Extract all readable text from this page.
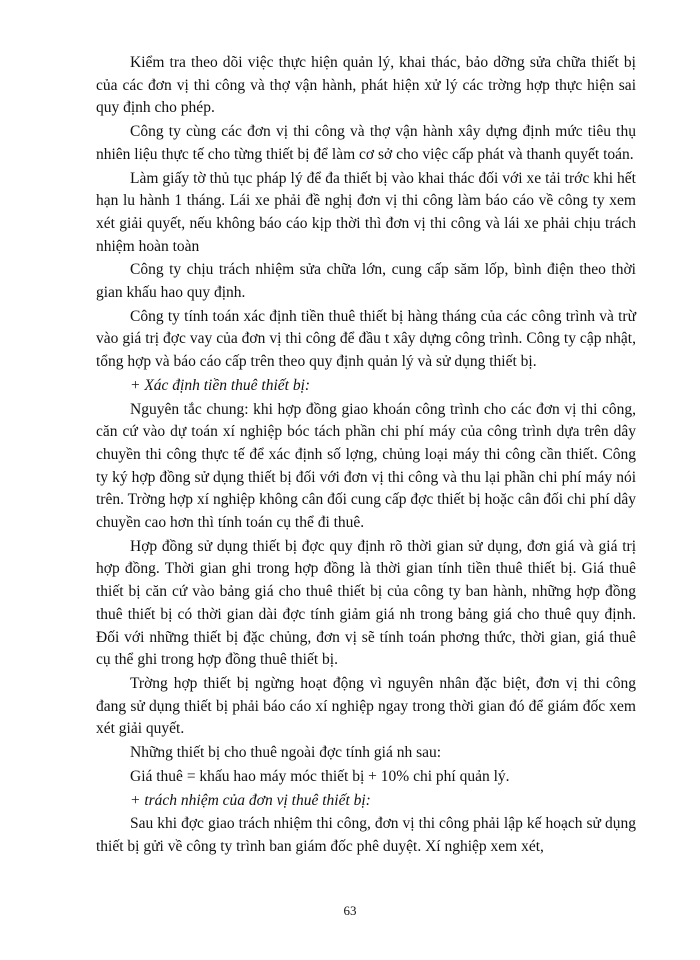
Kiểm tra theo dõi việc thực hiện quản lý, khai thác, bảo dỡng sửa chữa thiết bị của các đơn vị thi công và thợ vận hành, phát hiện xử lý các trờng hợp thực hiện sai quy định cho phép.

Công ty cùng các đơn vị thi công và thợ vận hành xây dựng định mức tiêu thụ nhiên liệu thực tế cho từng thiết bị để làm cơ sở cho việc cấp phát và thanh quyết toán.

Làm giấy tờ thủ tục pháp lý để đa thiết bị vào khai thác đối với xe tải trớc khi hết hạn lu hành 1 tháng. Lái xe phải đề nghị đơn vị thi công làm báo cáo về công ty xem xét giải quyết, nếu không báo cáo kịp thời thì đơn vị thi công và lái xe phải chịu trách nhiệm hoàn toàn

Công ty chịu trách nhiệm sửa chữa lớn, cung cấp săm lốp, bình điện theo thời gian khấu hao quy định.

Công ty tính toán xác định tiền thuê thiết bị hàng tháng của các công trình và trừ vào giá trị đợc vay của đơn vị thi công để đầu t xây dựng công trình. Công ty cập nhật, tổng hợp và báo cáo cấp trên theo quy định quản lý và sử dụng thiết bị.

+ Xác định tiền thuê thiết bị:

Nguyên tắc chung: khi hợp đồng giao khoán công trình cho các đơn vị thi công, căn cứ vào dự toán xí nghiệp bóc tách phần chi phí máy của công trình dựa trên dây chuyền thi công thực tế để xác định số lợng, chủng loại máy thi công cần thiết. Công ty ký hợp đồng sử dụng thiết bị đối với đơn vị thi công và thu lại phần chi phí máy nói trên. Trờng hợp xí nghiệp không cân đối cung cấp đợc thiết bị hoặc cân đối chi phí dây chuyền cao hơn thì tính toán cụ thể đi thuê.

Hợp đồng sử dụng thiết bị đợc quy định rõ thời gian sử dụng, đơn giá và giá trị hợp đồng. Thời gian ghi trong hợp đồng là thời gian tính tiền thuê thiết bị. Giá thuê thiết bị căn cứ vào bảng giá cho thuê thiết bị của công ty ban hành, những hợp đồng thuê thiết bị có thời gian dài đợc tính giảm giá nh trong bảng giá cho thuê quy định. Đối với những thiết bị đặc chủng, đơn vị sẽ tính toán phơng thức, thời gian, giá thuê cụ thể ghi trong hợp đồng thuê thiết bị.

Trờng hợp thiết bị ngừng hoạt động vì nguyên nhân đặc biệt, đơn vị thi công đang sử dụng thiết bị phải báo cáo xí nghiệp ngay trong thời gian đó để giám đốc xem xét giải quyết.

Những thiết bị cho thuê ngoài đợc tính giá nh sau:

Giá thuê = khấu hao máy móc thiết bị + 10% chi phí quản lý.

+ trách nhiệm của đơn vị thuê thiết bị:

Sau khi đợc giao trách nhiệm thi công, đơn vị thi công phải lập kế hoạch sử dụng thiết bị gửi về công ty trình ban giám đốc phê duyệt. Xí nghiệp xem xét,

63
